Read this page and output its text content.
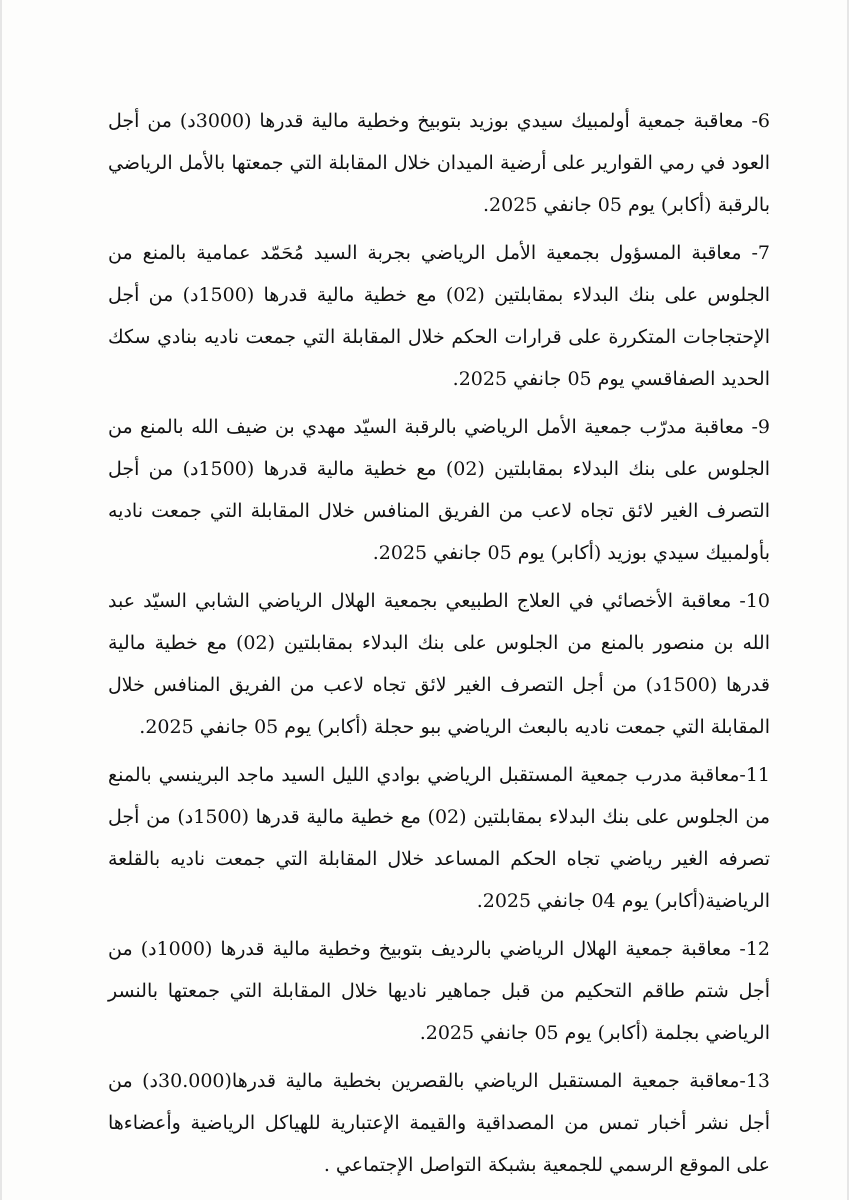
6- معاقبة جمعية أولمبيك سيدي بوزيد بتوبيخ وخطية مالية قدرها (3000د) من أجل العود في رمي القوارير على أرضية الميدان خلال المقابلة التي جمعتها بالأمل الرياضي بالرقبة (أكابر) يوم 05 جانفي 2025.

7- معاقبة المسؤول بجمعية الأمل الرياضي بجربة السيد مُحَمّد عمامية بالمنع من الجلوس على بنك البدلاء بمقابلتين (02) مع خطية مالية قدرها (1500د) من أجل الإحتجاجات المتكررة على قرارات الحكم خلال المقابلة التي جمعت ناديه بنادي سكك الحديد الصفاقسي يوم 05 جانفي 2025.

9- معاقبة مدرّب جمعية الأمل الرياضي بالرقبة السيّد مهدي بن ضيف الله بالمنع من الجلوس على بنك البدلاء بمقابلتين (02) مع خطية مالية قدرها (1500د) من أجل التصرف الغير لائق تجاه لاعب من الفريق المنافس خلال المقابلة التي جمعت ناديه بأولمبيك سيدي بوزيد (أكابر) يوم 05 جانفي 2025.

10- معاقبة الأخصائي في العلاج الطبيعي بجمعية الهلال الرياضي الشابي السيّد عبد الله بن منصور بالمنع من الجلوس على بنك البدلاء بمقابلتين (02) مع خطية مالية قدرها (1500د) من أجل التصرف الغير لائق تجاه لاعب من الفريق المنافس خلال المقابلة التي جمعت ناديه بالبعث الرياضي ببو حجلة (أكابر) يوم 05 جانفي 2025.

11-معاقبة مدرب جمعية المستقبل الرياضي بوادي الليل السيد ماجد البرينسي بالمنع من الجلوس على بنك البدلاء بمقابلتين (02) مع خطية مالية قدرها (1500د) من أجل تصرفه الغير رياضي تجاه الحكم المساعد خلال المقابلة التي جمعت ناديه بالقلعة الرياضية(أكابر) يوم 04 جانفي 2025.

12- معاقبة جمعية الهلال الرياضي بالرديف بتوبيخ وخطية مالية قدرها (1000د) من أجل شتم طاقم التحكيم من قبل جماهير ناديها خلال المقابلة التي جمعتها بالنسر الرياضي بجلمة (أكابر) يوم 05 جانفي 2025.

13-معاقبة جمعية المستقبل الرياضي بالقصرين بخطية مالية قدرها(30.000د) من أجل نشر أخبار تمس من المصداقية والقيمة الإعتبارية للهياكل الرياضية وأعضاءها على الموقع الرسمي للجمعية بشبكة التواصل الإجتماعي .
